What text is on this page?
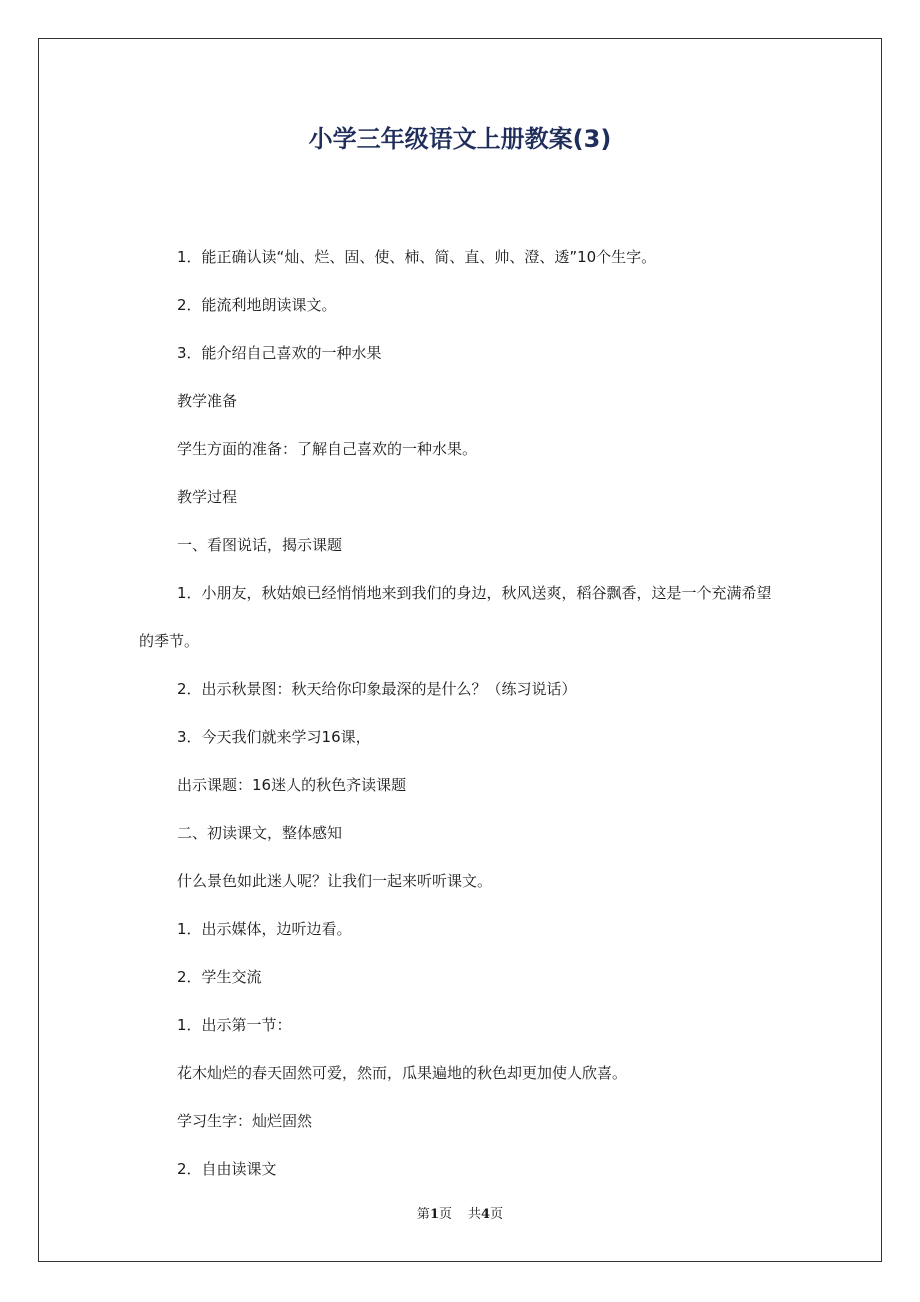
小学三年级语文上册教案(3)

1．能正确认读“灿、烂、固、使、柿、简、直、帅、澄、透”10个生字。

2．能流利地朗读课文。

3．能介绍自己喜欢的一种水果

教学准备

学生方面的准备：了解自己喜欢的一种水果。

教学过程

一、看图说话，揭示课题

1．小朋友，秋姑娘已经悄悄地来到我们的身边，秋风送爽，稻谷飘香，这是一个充满希望的季节。

2．出示秋景图：秋天给你印象最深的是什么？（练习说话）

3．今天我们就来学习16课，

出示课题：16迷人的秋色齐读课题

二、初读课文，整体感知

什么景色如此迷人呢？让我们一起来听听课文。

1．出示媒体，边听边看。

2．学生交流

1．出示第一节：

花木灿烂的春天固然可爱，然而，瓜果遍地的秋色却更加使人欣喜。

学习生字：灿烂固然

2．自由读课文

第1页 共4页
